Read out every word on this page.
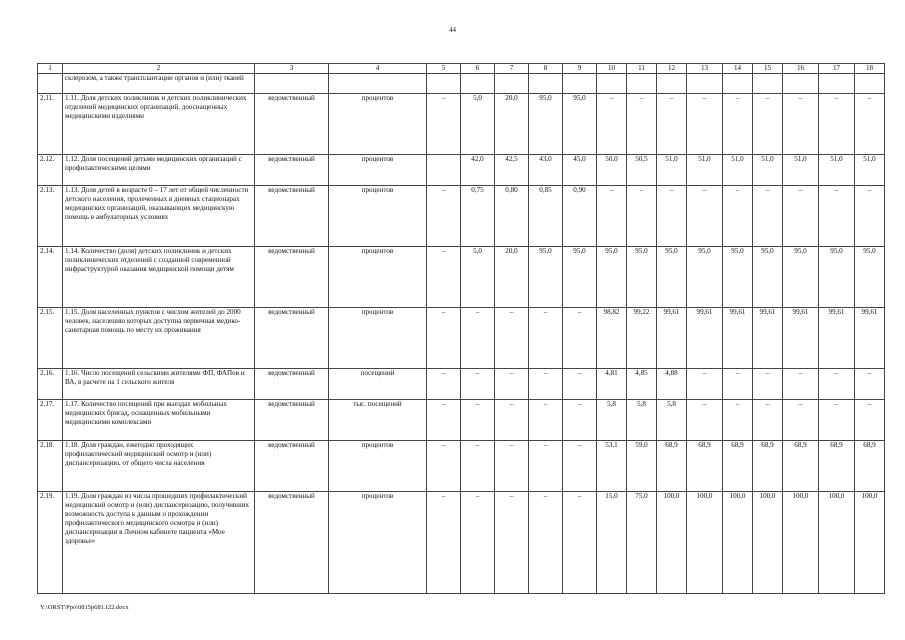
44
1	2	3	4	5	6	7	8	9	10	11	12	13	14	15	16	17	18
	склерозом, а также трансплантации органов и (или) тканей																
2.11.	1.11. Доля детских поликлиник и детских поликлинических отделений медицинских организаций, дооснащенных медицинскими изделиями	ведомственный	процентов	–	5,0	20,0	95,0	95,0	–	–	–	–	–	–	–	–	–
2.12.	1.12. Доля посещений детьми медицинских организаций с профилактическими целями	ведомственный	процентов		42,0	42,5	43,0	45,0	50,0	50,5	51,0	51,0	51,0	51,0	51,0	51,0	51,0
2.13.	1.13. Доля детей в возрасте 0 – 17 лет от общей численности детского населения, пролеченных в дневных стационарах медицинских организаций, оказывающих медицинскую помощь в амбулаторных условиях	ведомственный	процентов	–	0,75	0,80	0,85	0,90	–	–	–	–	–	–	–	–	–
2.14.	1.14. Количество (доля) детских поликлиник и детских поликлинических отделений с созданной современной инфраструктурой оказания медицинской помощи детям	ведомственный	процентов	–	5,0	20,0	95,0	95,0	95,0	95,0	95,0	95,0	95,0	95,0	95,0	95,0	95,0
2.15.	1.15. Доля населенных пунктов с числом жителей до 2000 человек, населению которых доступна первичная медико-санитарная помощь по месту их проживания	ведомственный	процентов	–	–	–	–	–	98,82	99,22	99,61	99,61	99,61	99,61	99,61	99,61	99,61
2.16.	1.16. Число посещений сельскими жителями ФП, ФАПов и ВА, в расчете на 1 сельского жителя	ведомственный	посещений	–	–	–	–	–	4,81	4,85	4,88	–	–	–	–	–	–
2.17.	1.17. Количество посещений при выездах мобильных медицинских бригад, оснащенных мобильными медицинскими комплексами	ведомственный	тыс. посещений	–	–	–	–	–	5,8	5,8	5,8	–	–	–	–	–	–
2.18.	1.18. Доля граждан, ежегодно проходящих профилактический медицинский осмотр и (или) диспансеризацию, от общего числа населения	ведомственный	процентов	–	–	–	–	–	53,1	59,0	68,9	68,9	68,9	68,9	68,9	68,9	68,9
2.19.	1.19. Доля граждан из числа прошедших профилактический медицинский осмотр и (или) диспансеризацию, получивших возможность доступа к данным о прохождении профилактического медицинского осмотра и (или) диспансеризации в Личном кабинете пациента «Мое здоровье»	ведомственный	процентов	–	–	–	–	–	15,0	75,0	100,0	100,0	100,0	100,0	100,0	100,0	100,0
Y:\ORST\Ppo\0815p681.f22.docx
